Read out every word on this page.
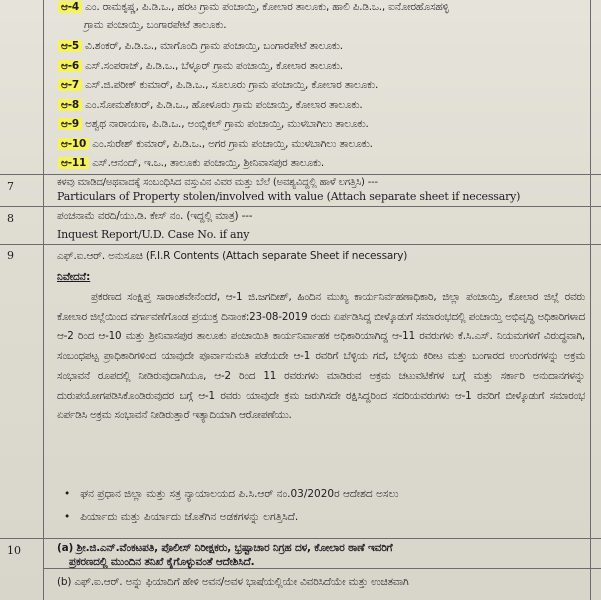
ಆ-4 ಎಂ. ರಾಮಕೃಷ್ಣ, ಪಿ.ಡಿ.ಒ., ಹರಟ ಗ್ರಾಮ ಪಂಚಾಯ್ತಿ, ಕೋಲಾರ ತಾಲೂಕು, ಹಾಲಿ ಪಿ.ಡಿ.ಒ., ಐನೋರಹೊಸಹಳ್ಳಿ
ಗ್ರಾಮ ಪಂಚಾಯ್ತಿ, ಬಂಗಾರಪೇಟೆ ತಾಲೂಕು.
ಆ-5 ವಿ.ಶಂಕರ್, ಪಿ.ಡಿ.ಒ., ಮಾಗೊಂದಿ ಗ್ರಾಮ ಪಂಚಾಯ್ತಿ, ಬಂಗಾರಪೇಟೆ ತಾಲೂಕು.
ಆ-6 ಎಸ್.ಸಂಪರಾಜ್, ಪಿ.ಡಿ.ಒ., ಬೆಳ್ಳೂರ್ ಗ್ರಾಮ ಪಂಚಾಯ್ತಿ, ಕೋಲಾರ ತಾಲೂಕು.
ಆ-7 ಎಸ್.ಜಿ.ಪರೀಕ್ ಕುಮಾರ್, ಪಿ.ಡಿ.ಒ., ಸೂಲೂರು ಗ್ರಾಮ ಪಂಚಾಯ್ತಿ, ಕೋಲಾರ ತಾಲೂಕು.
ಆ-8 ಎಂ.ಸೋಮಶೇಖರ್, ಪಿ.ಡಿ.ಒ., ಹೋಳೂರು ಗ್ರಾಮ ಪಂಚಾಯ್ತಿ, ಕೋಲಾರ ತಾಲೂಕು.
ಆ-9 ಅಶ್ವಥ ನಾರಾಯಣ, ಪಿ.ಡಿ.ಒ., ಅಂಬ್ಲಿಕಲ್ ಗ್ರಾಮ ಪಂಚಾಯ್ತಿ, ಮುಳಬಾಗಿಲು ತಾಲೂಕು.
ಆ-10 ಎಂ.ಸುರೇಶ್ ಕುಮಾರ್, ಪಿ.ಡಿ.ಒ., ಅಗರ ಗ್ರಾಮ ಪಂಚಾಯ್ತಿ, ಮುಳಬಾಗಿಲು ತಾಲೂಕು.
ಆ-11 ಎಸ್.ಆನಂದ್, ಇ.ಒ., ತಾಲೂಕು ಪಂಚಾಯ್ತಿ, ಶ್ರೀನಿವಾಸಪುರ ತಾಲೂಕು.
7	ಕಳವು ಮಾಡಿದ/ಅಥವಾದಕ್ಕೆ ಸಂಬಂಧಿಸಿದ ವಸ್ತುವಿನ ವಿವರ ಮತ್ತು ಬೆಲೆ (ಅವಶ್ಯವಿದ್ದಲ್ಲಿ ಹಾಳೆ ಲಗತ್ತಿಸಿ) ---
Particulars of Property stolen/involved with value (Attach separate sheet if necessary)
8	ಪಂಚನಾಮೆ ವರದಿ/ಯು.ಡಿ. ಕೇಸ್ ನಂ. (ಇದ್ದಲ್ಲಿ ಮಾತ್ರ) ---
Inquest Report/U.D. Case No. if any
9	ಎಫ್.ಐ.ಆರ್. ಅನುಸೂಚಿ (F.I.R Contents (Attach separate Sheet if necessary)
ನಿವೇದನೆ:
ಪ್ರಕರಣದ ಸಂಕ್ಷಿಪ್ತ ಸಾರಾಂಶವೇನೆಂದರೆ, ಆ-1 ಜಿ.ಜಗದೀಶ್, ಹಿಂದಿನ ಮುಖ್ಯ ಕಾರ್ಯನಿರ್ವಹಣಾಧಿಕಾರಿ, ಜಿಲ್ಲಾ ಪಂಚಾಯ್ತಿ, ಕೋಲಾರ ಜಿಲ್ಲೆ ರವರು ಕೋಲಾರ ಜಿಲ್ಲೆಯಿಂದ ವರ್ಗಾವಣೆಗೊಂಡ ಪ್ರಯುಕ್ತ ದಿನಾಂಕ:23-08-2019 ರಂದು ಏರ್ಪಡಿಸಿದ್ದ ಬೀಳ್ಕೊಡುಗೆ ಸಮಾರಂಭದಲ್ಲಿ ಪಂಚಾಯ್ತಿ ಅಭಿವೃದ್ಧಿ ಅಧಿಕಾರಿಗಳಾದ ಆ-2 ರಿಂದ ಆ-10 ಮತ್ತು ಶ್ರೀನಿವಾಸಪುರ ತಾಲೂಕು ಪಂಚಾಯಿತಿ ಕಾರ್ಯನಿರ್ವಾಹಕ ಅಧಿಕಾರಿಯಾಗಿದ್ದ ಆ-11 ರವರುಗಳು ಕೆ.ಸಿ.ಎಸ್. ನಿಯಮಗಳಿಗೆ ವಿರುದ್ಧವಾಗಿ, ಸಂಬಂಧಪಟ್ಟ ಪ್ರಾಧಿಕಾರಿಗಳಿಂದ ಯಾವುದೇ ಪೂರ್ವಾನುಮತಿ ಪಡೆಯದೇ ಆ-1 ರವರಿಗೆ ಬೆಳ್ಳಿಯ ಗದೆ, ಬೆಳ್ಳಿಯ ಕಿರೀಟ ಮತ್ತು ಬಂಗಾರದ ಉಂಗುರಗಳನ್ನು ಅಕ್ರಮ ಸಂಭಾವನೆ ರೂಪದಲ್ಲಿ ನೀಡಿರುವುದಾಗಿಯೂ, ಆ-2 ರಿಂದ 11 ರವರುಗಳು ಮಾಡಿರುವ ಅಕ್ರಮ ಚಟುವಟಿಕೆಗಳ ಬಗ್ಗೆ ಮತ್ತು ಸರ್ಕಾರಿ ಅನುದಾನಗಳನ್ನು ದುರುಪಯೋಗಪಡಿಸಿಕೊಂಡಿರುವುದರ ಬಗ್ಗೆ ಆ-1 ರವರು ಯಾವುದೇ ಕ್ರಮ ಜರುಗಿಸದೇ ರಕ್ಷಿಸಿದ್ದರಿಂದ ಸದರಿಯವರುಗಳು ಆ-1 ರವರಿಗೆ ಬೀಳ್ಕೊಡುಗೆ ಸಮಾರಂಭ ಏರ್ಪಡಿಸಿ ಅಕ್ರಮ ಸಂಭಾವನೆ ನೀಡಿರುತ್ತಾರೆ ಇತ್ಯಾದಿಯಾಗಿ ಆರೋಪಣೆಯು.
• ಘನ ಪ್ರಧಾನ ಜಿಲ್ಲಾ ಮತ್ತು ಸತ್ರ ನ್ಯಾಯಾಲಯದ ಪಿ.ಸಿ.ಆರ್ ನಂ.03/2020ರ ಆದೇಶದ ಅಸಲು
• ಪಿರ್ಯಾದು ಮತ್ತು ಪಿರ್ಯಾದು ಜೊತೆಗಿನ ಅಡಕಗಳನ್ನು ಲಗತ್ತಿಸಿದೆ.
10	(a) ಶ್ರೀ.ಜಿ.ಎನ್.ವೆಂಕಟಪತಿ, ಪೊಲೀಸ್ ನಿರೀಕ್ಷಕರು, ಭ್ರಷ್ಟಾಚಾರ ನಿಗ್ರಹ ದಳ, ಕೋಲಾರ ಠಾಣೆ ಇವರಿಗೆ
ಪ್ರಕರಣದಲ್ಲಿ ಮುಂದಿನ ತನಿಖೆ ಕೈಗೊಳ್ಳುವಂತೆ ಆದೇಶಿಸಿದೆ.
(b) ಎಫ್.ಐ.ಆರ್. ಅನ್ನು ಫಿಯಾದಿಗೆ ಹೇಳಿ ಅವನ/ಅವಳ ಭಾಷೆಯಲ್ಲಿಯೇ ವಿವರಿಸಿದೆಯೇ ಮತ್ತು ಉಚಿತವಾಗಿ
